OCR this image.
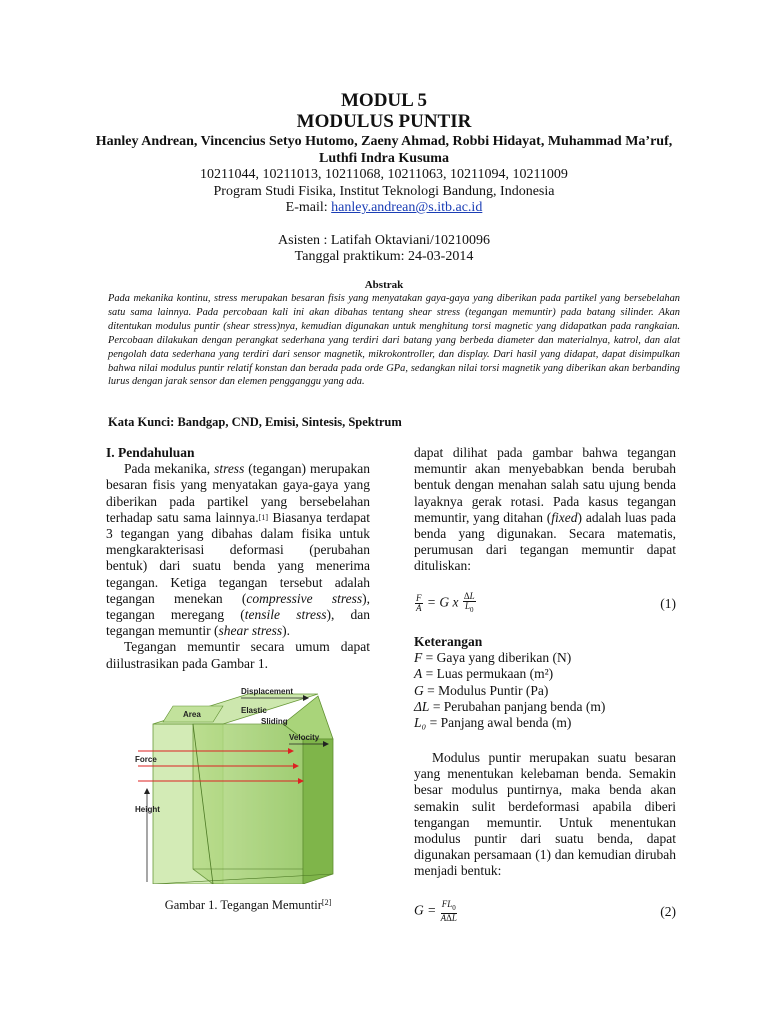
MODUL 5
MODULUS PUNTIR
Hanley Andrean, Vincencius Setyo Hutomo, Zaeny Ahmad, Robbi Hidayat, Muhammad Ma’ruf,
Luthfi Indra Kusuma
10211044, 10211013, 10211068, 10211063, 10211094, 10211009
Program Studi Fisika, Institut Teknologi Bandung, Indonesia
E-mail: hanley.andrean@s.itb.ac.id
Asisten : Latifah Oktaviani/10210096
Tanggal praktikum: 24-03-2014
Abstrak
Pada mekanika kontinu, stress merupakan besaran fisis yang menyatakan gaya-gaya yang diberikan pada partikel yang bersebelahan satu sama lainnya. Pada percobaan kali ini akan dibahas tentang shear stress (tegangan memuntir) pada batang silinder. Akan ditentukan modulus puntir (shear stress)nya, kemudian digunakan untuk menghitung torsi magnetic yang didapatkan pada rangkaian. Percobaan dilakukan dengan perangkat sederhana yang terdiri dari batang yang berbeda diameter dan materialnya, katrol, dan alat pengolah data sederhana yang terdiri dari sensor magnetik, mikrokontroller, dan display. Dari hasil yang didapat, dapat disimpulkan bahwa nilai modulus puntir relatif konstan dan berada pada orde GPa, sedangkan nilai torsi magnetik yang diberikan akan berbanding lurus dengan jarak sensor dan elemen pengganggu yang ada.
Kata Kunci: Bandgap, CND, Emisi, Sintesis, Spektrum

I. Pendahuluan

Pada mekanika, stress (tegangan) merupakan besaran fisis yang menyatakan gaya-gaya yang diberikan pada partikel yang bersebelahan terhadap satu sama lainnya.[1] Biasanya terdapat 3 tegangan yang dibahas dalam fisika untuk mengkarakterisasi deformasi (perubahan bentuk) dari suatu benda yang menerima tegangan. Ketiga tegangan tersebut adalah tegangan menekan (compressive stress), tegangan meregang (tensile stress), dan tegangan memuntir (shear stress).

Tegangan memuntir secara umum dapat diilustrasikan pada Gambar 1.

Area
Displacement
Elastic
Sliding
Velocity
Force
Height
Gambar 1. Tegangan Memuntir[2]

dapat dilihat pada gambar bahwa tegangan memuntir akan menyebabkan benda berubah bentuk dengan menahan salah satu ujung benda layaknya gerak rotasi. Pada kasus tegangan memuntir, yang ditahan (fixed) adalah luas pada benda yang digunakan. Secara matematis, perumusan dari tegangan memuntir dapat dituliskan:

$\frac{F}{A} = G$ x $\frac{\Delta L}{L_0}$	(1)
Keterangan
F = Gaya yang diberikan (N)
A = Luas permukaan (m²)
G = Modulus Puntir (Pa)
ΔL = Perubahan panjang benda (m)
L₀ = Panjang awal benda (m)
Modulus puntir merupakan suatu besaran yang menentukan kelebaman benda. Semakin besar modulus puntirnya, maka benda akan semakin sulit berdeformasi apabila diberi tengangan memuntir. Untuk menentukan modulus puntir dari suatu benda, dapat digunakan persamaan (1) dan kemudian dirubah menjadi bentuk:
$G = \frac{FL_0}{\text{AΔL}}$	(2)
